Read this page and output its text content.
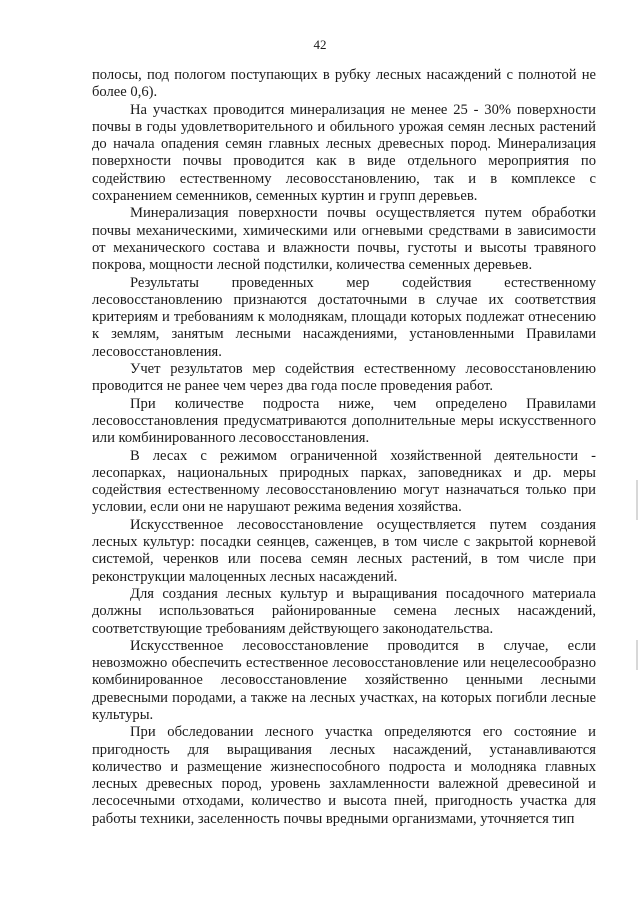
42

полосы, под пологом поступающих в рубку лесных насаждений с полнотой не более 0,6).

На участках проводится минерализация не менее 25 - 30% поверхности почвы в годы удовлетворительного и обильного урожая семян лесных растений до начала опадения семян главных лесных древесных пород. Минерализация поверхности почвы проводится как в виде отдельного мероприятия по содействию естественному лесовосстановлению, так и в комплексе с сохранением семенников, семенных куртин и групп деревьев.

Минерализация поверхности почвы осуществляется путем обработки почвы механическими, химическими или огневыми средствами в зависимости от механического состава и влажности почвы, густоты и высоты травяного покрова, мощности лесной подстилки, количества семенных деревьев.

Результаты проведенных мер содействия естественному лесовосстановлению признаются достаточными в случае их соответствия критериям и требованиям к молоднякам, площади которых подлежат отнесению к землям, занятым лесными насаждениями, установленными Правилами лесовосстановления.

Учет результатов мер содействия естественному лесовосстановлению проводится не ранее чем через два года после проведения работ.

При количестве подроста ниже, чем определено Правилами лесовосстановления предусматриваются дополнительные меры искусственного или комбинированного лесовосстановления.

В лесах с режимом ограниченной хозяйственной деятельности - лесопарках, национальных природных парках, заповедниках и др. меры содействия естественному лесовосстановлению могут назначаться только при условии, если они не нарушают режима ведения хозяйства.

Искусственное лесовосстановление осуществляется путем создания лесных культур: посадки сеянцев, саженцев, в том числе с закрытой корневой системой, черенков или посева семян лесных растений, в том числе при реконструкции малоценных лесных насаждений.

Для создания лесных культур и выращивания посадочного материала должны использоваться районированные семена лесных насаждений, соответствующие требованиям действующего законодательства.

Искусственное лесовосстановление проводится в случае, если невозможно обеспечить естественное лесовосстановление или нецелесообразно комбинированное лесовосстановление хозяйственно ценными лесными древесными породами, а также на лесных участках, на которых погибли лесные культуры.

При обследовании лесного участка определяются его состояние и пригодность для выращивания лесных насаждений, устанавливаются количество и размещение жизнеспособного подроста и молодняка главных лесных древесных пород, уровень захламленности валежной древесиной и лесосечными отходами, количество и высота пней, пригодность участка для работы техники, заселенность почвы вредными организмами, уточняется тип
